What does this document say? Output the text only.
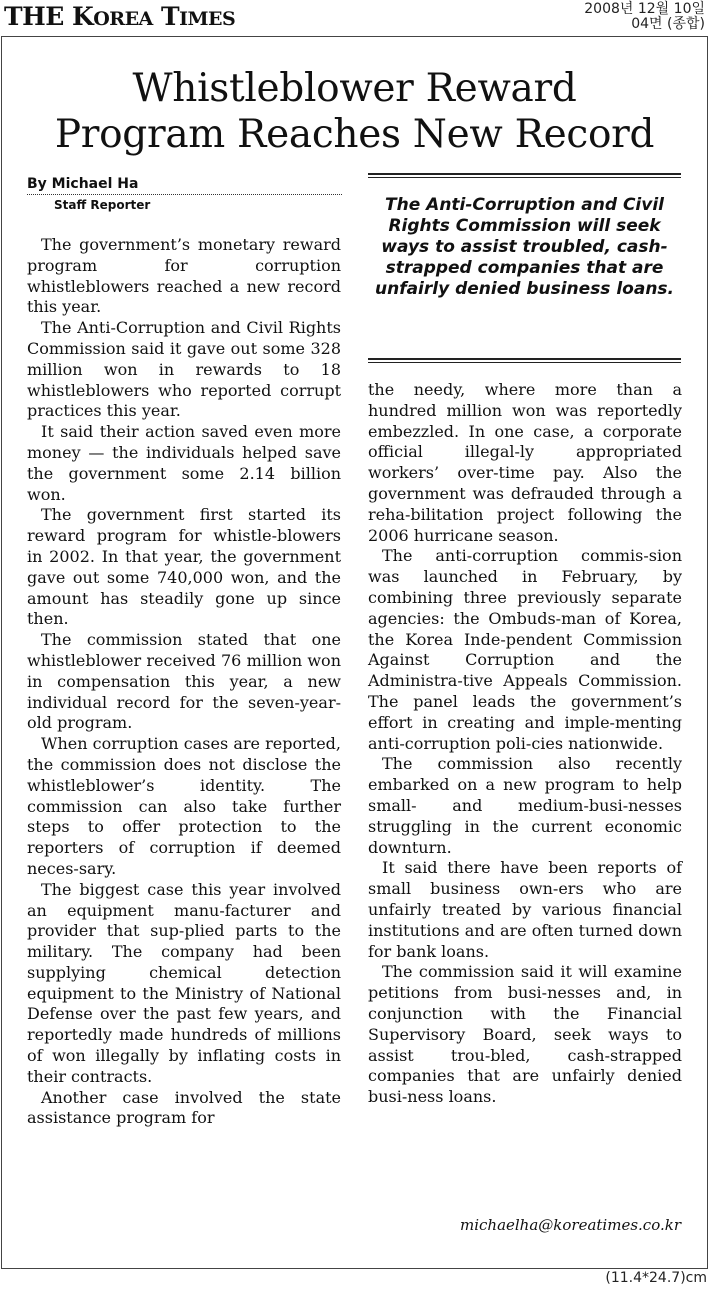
THE KOREA TIMES	2008년 12월 10일
04면 (종합)
Whistleblower Reward
Program Reaches New Record
By Michael Ha
Staff Reporter

The government’s monetary reward program for corruption whistleblowers reached a new record this year.

The Anti-Corruption and Civil Rights Commission said it gave out some 328 million won in rewards to 18 whistleblowers who reported corrupt practices this year.

It said their action saved even more money — the individuals helped save the government some 2.14 billion won.

The government first started its reward program for whistle-blowers in 2002. In that year, the government gave out some 740,000 won, and the amount has steadily gone up since then.

The commission stated that one whistleblower received 76 million won in compensation this year, a new individual record for the seven-year-old program.

When corruption cases are reported, the commission does not disclose the whistleblower’s identity. The commission can also take further steps to offer protection to the reporters of corruption if deemed neces-sary.

The biggest case this year involved an equipment manu-facturer and provider that sup-plied parts to the military. The company had been supplying chemical detection equipment to the Ministry of National Defense over the past few years, and reportedly made hundreds of millions of won illegally by inflating costs in their contracts.

Another case involved the state assistance program for

The Anti-Corruption and Civil Rights Commission will seek ways to assist troubled, cash-strapped companies that are unfairly denied business loans.

the needy, where more than a hundred million won was reportedly embezzled. In one case, a corporate official illegal-ly appropriated workers’ over-time pay. Also the government was defrauded through a reha-bilitation project following the 2006 hurricane season.

The anti-corruption commis-sion was launched in February, by combining three previously separate agencies: the Ombuds-man of Korea, the Korea Inde-pendent Commission Against Corruption and the Administra-tive Appeals Commission. The panel leads the government’s effort in creating and imple-menting anti-corruption poli-cies nationwide.

The commission also recently embarked on a new program to help small- and medium-busi-nesses struggling in the current economic downturn.

It said there have been reports of small business own-ers who are unfairly treated by various financial institutions and are often turned down for bank loans.

The commission said it will examine petitions from busi-nesses and, in conjunction with the Financial Supervisory Board, seek ways to assist trou-bled, cash-strapped companies that are unfairly denied busi-ness loans.

michaelha@koreatimes.co.kr
(11.4*24.7)cm
